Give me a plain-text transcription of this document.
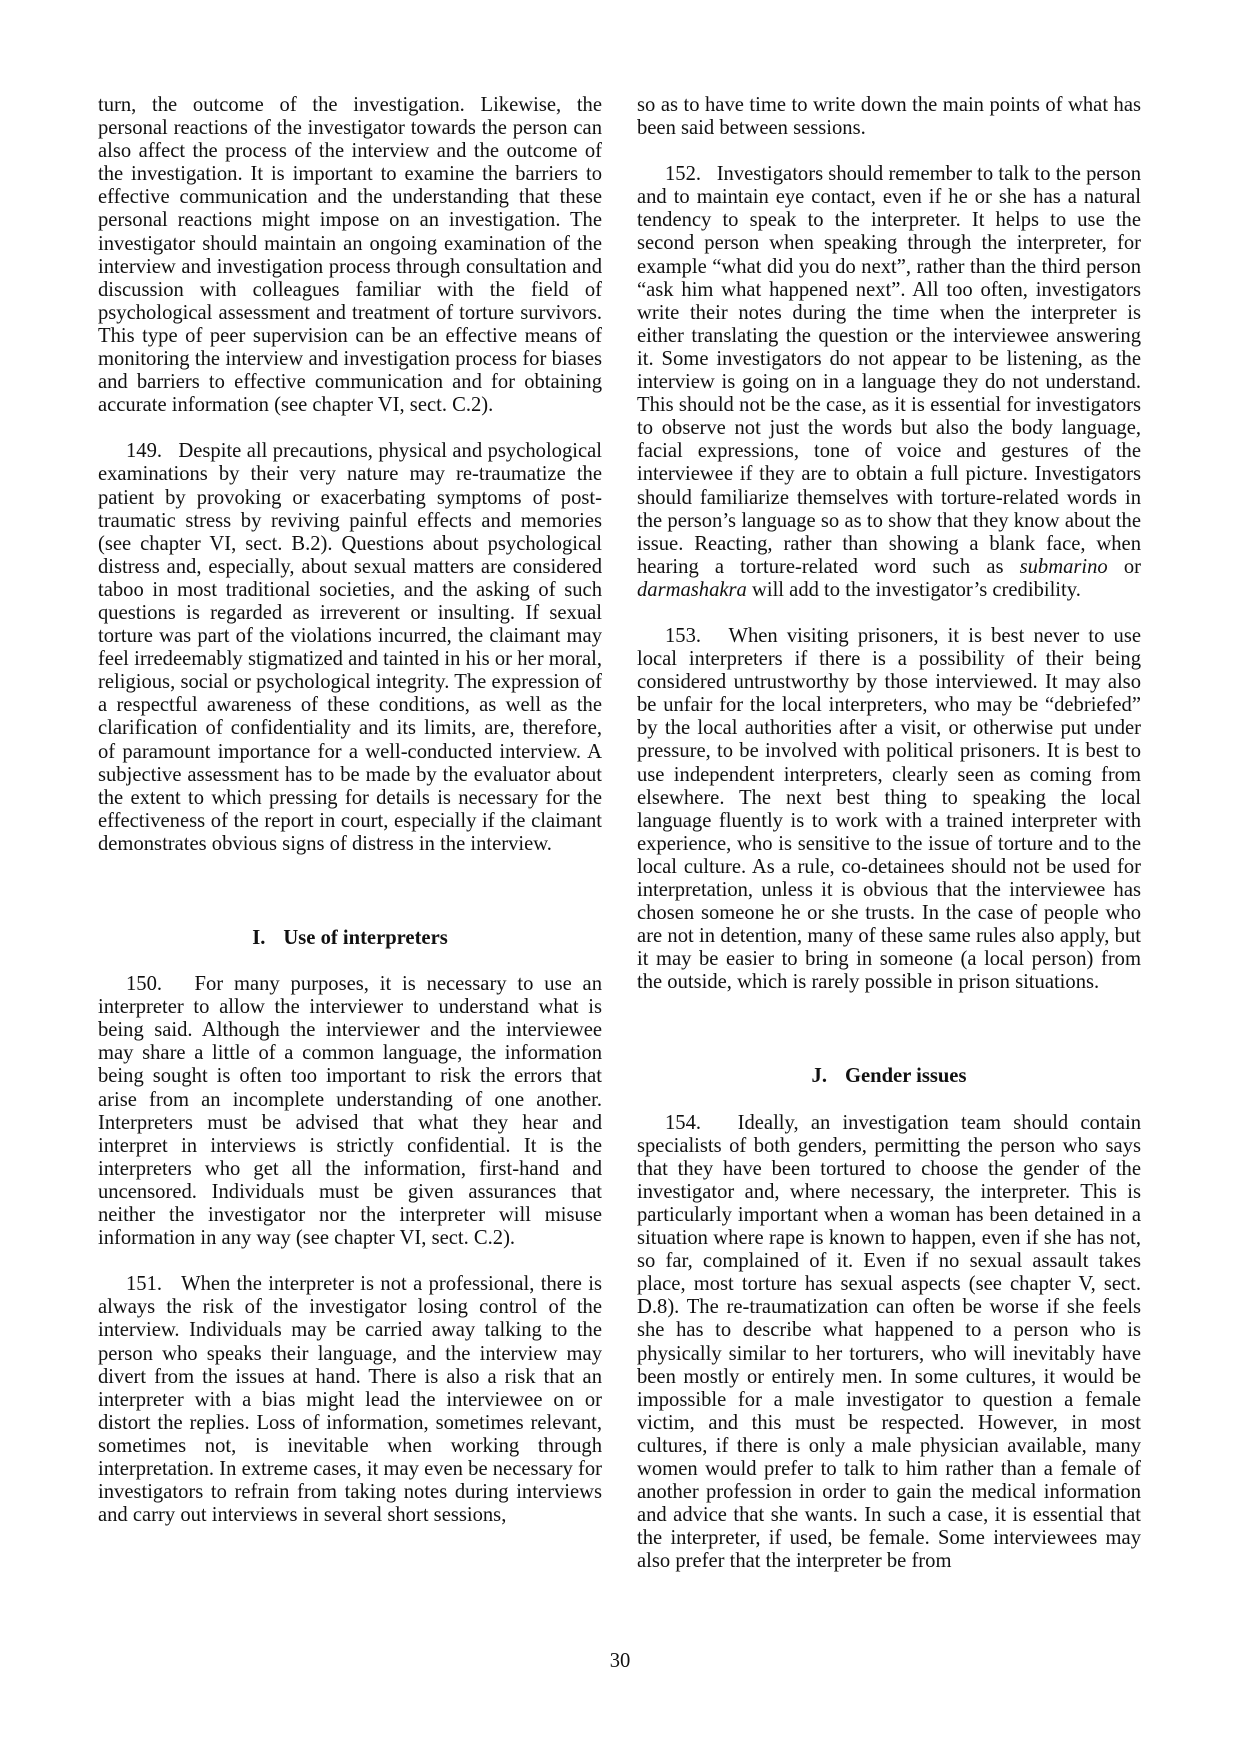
turn, the outcome of the investigation. Likewise, the personal reactions of the investigator towards the person can also affect the process of the interview and the outcome of the investigation. It is important to examine the barriers to effective communication and the understanding that these personal reactions might impose on an investigation. The investigator should maintain an ongoing examination of the interview and investigation process through consultation and discussion with colleagues familiar with the field of psychological assessment and treatment of torture survivors. This type of peer supervision can be an effective means of monitoring the interview and investigation process for biases and barriers to effective communication and for obtaining accurate information (see chapter VI, sect. C.2).

149. Despite all precautions, physical and psychological examinations by their very nature may re-traumatize the patient by provoking or exacerbating symptoms of post-traumatic stress by reviving painful effects and memories (see chapter VI, sect. B.2). Questions about psychological distress and, especially, about sexual matters are considered taboo in most traditional societies, and the asking of such questions is regarded as irreverent or insulting. If sexual torture was part of the violations incurred, the claimant may feel irredeemably stigmatized and tainted in his or her moral, religious, social or psychological integrity. The expression of a respectful awareness of these conditions, as well as the clarification of confidentiality and its limits, are, therefore, of paramount importance for a well-conducted interview. A subjective assessment has to be made by the evaluator about the extent to which pressing for details is necessary for the effectiveness of the report in court, especially if the claimant demonstrates obvious signs of distress in the interview.

I. Use of interpreters

150. For many purposes, it is necessary to use an interpreter to allow the interviewer to understand what is being said. Although the interviewer and the interviewee may share a little of a common language, the information being sought is often too important to risk the errors that arise from an incomplete understanding of one another. Interpreters must be advised that what they hear and interpret in interviews is strictly confidential. It is the interpreters who get all the information, first-hand and uncensored. Individuals must be given assurances that neither the investigator nor the interpreter will misuse information in any way (see chapter VI, sect. C.2).

151. When the interpreter is not a professional, there is always the risk of the investigator losing control of the interview. Individuals may be carried away talking to the person who speaks their language, and the interview may divert from the issues at hand. There is also a risk that an interpreter with a bias might lead the interviewee on or distort the replies. Loss of information, sometimes relevant, sometimes not, is inevitable when working through interpretation. In extreme cases, it may even be necessary for investigators to refrain from taking notes during interviews and carry out interviews in several short sessions,

so as to have time to write down the main points of what has been said between sessions.

152. Investigators should remember to talk to the person and to maintain eye contact, even if he or she has a natural tendency to speak to the interpreter. It helps to use the second person when speaking through the interpreter, for example “what did you do next”, rather than the third person “ask him what happened next”. All too often, investigators write their notes during the time when the interpreter is either translating the question or the interviewee answering it. Some investigators do not appear to be listening, as the interview is going on in a language they do not understand. This should not be the case, as it is essential for investigators to observe not just the words but also the body language, facial expressions, tone of voice and gestures of the interviewee if they are to obtain a full picture. Investigators should familiarize themselves with torture-related words in the person’s language so as to show that they know about the issue. Reacting, rather than showing a blank face, when hearing a torture-related word such as submarino or darmashakra will add to the investigator’s credibility.

153. When visiting prisoners, it is best never to use local interpreters if there is a possibility of their being considered untrustworthy by those interviewed. It may also be unfair for the local interpreters, who may be “debriefed” by the local authorities after a visit, or otherwise put under pressure, to be involved with political prisoners. It is best to use independent interpreters, clearly seen as coming from elsewhere. The next best thing to speaking the local language fluently is to work with a trained interpreter with experience, who is sensitive to the issue of torture and to the local culture. As a rule, co-detainees should not be used for interpretation, unless it is obvious that the interviewee has chosen someone he or she trusts. In the case of people who are not in detention, many of these same rules also apply, but it may be easier to bring in someone (a local person) from the outside, which is rarely possible in prison situations.

J. Gender issues

154. Ideally, an investigation team should contain specialists of both genders, permitting the person who says that they have been tortured to choose the gender of the investigator and, where necessary, the interpreter. This is particularly important when a woman has been detained in a situation where rape is known to happen, even if she has not, so far, complained of it. Even if no sexual assault takes place, most torture has sexual aspects (see chapter V, sect. D.8). The re-traumatization can often be worse if she feels she has to describe what happened to a person who is physically similar to her torturers, who will inevitably have been mostly or entirely men. In some cultures, it would be impossible for a male investigator to question a female victim, and this must be respected. However, in most cultures, if there is only a male physician available, many women would prefer to talk to him rather than a female of another profession in order to gain the medical information and advice that she wants. In such a case, it is essential that the interpreter, if used, be female. Some interviewees may also prefer that the interpreter be from

30
